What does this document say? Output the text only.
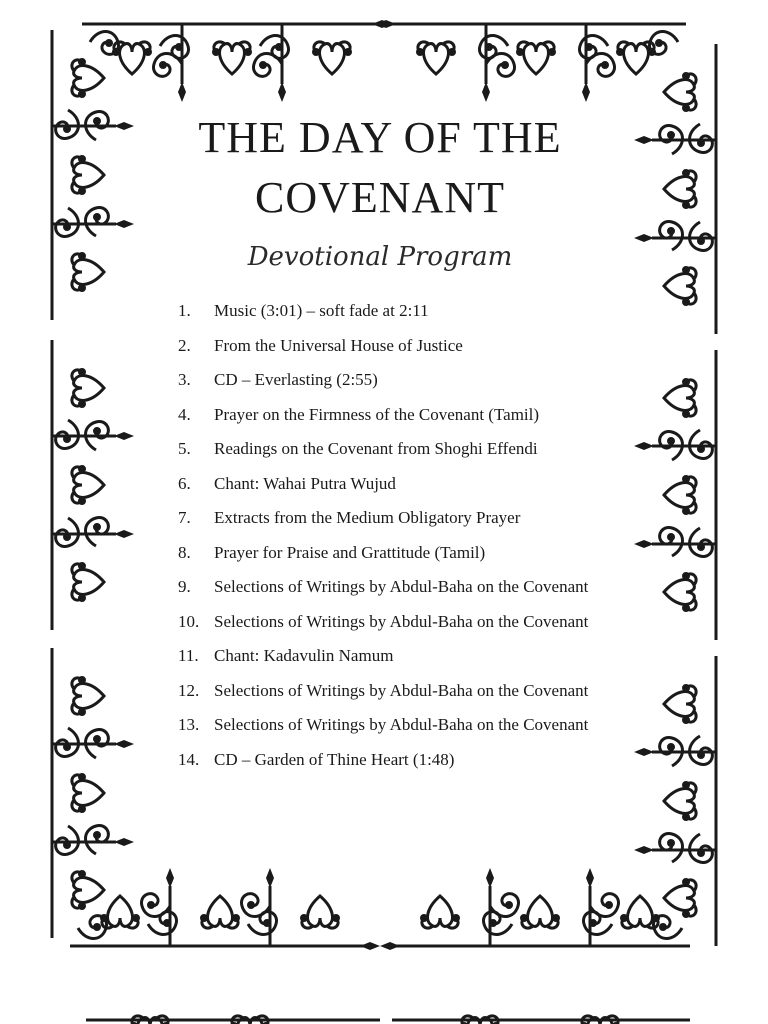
THE DAY OF THE
COVENANT
Devotional Program
1.	Music (3:01) – soft fade at 2:11
2.	From the Universal House of Justice
3.	CD – Everlasting (2:55)
4.	Prayer on the Firmness of the Covenant (Tamil)
5.	Readings on the Covenant from Shoghi Effendi
6.	Chant: Wahai Putra Wujud
7.	Extracts from the Medium Obligatory Prayer
8.	Prayer for Praise and Grattitude (Tamil)
9.	Selections of Writings by Abdul-Baha on the Covenant
10. Selections of Writings by Abdul-Baha on the Covenant
11. Chant: Kadavulin Namum
12. Selections of Writings by Abdul-Baha on the Covenant
13. Selections of Writings by Abdul-Baha on the Covenant
14. CD – Garden of Thine Heart (1:48)
